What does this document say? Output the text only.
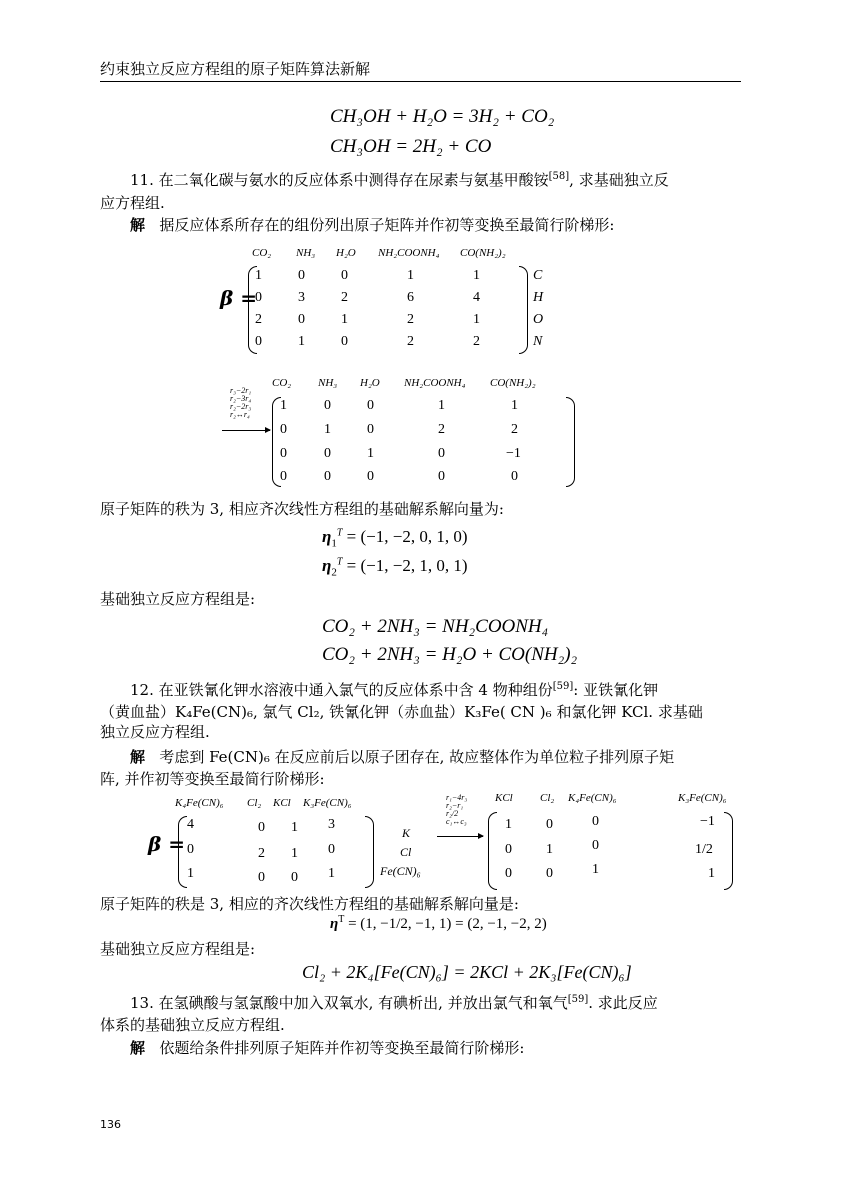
约束独立反应方程组的原子矩阵算法新解
CH₃OH + H₂O = 3H₂ + CO₂
CH₃OH = 2H₂ + CO
11. 在二氧化碳与氨水的反应体系中测得存在尿素与氨基甲酸铵[58], 求基础独立反
应方程组.
解 据反应体系所存在的组份列出原子矩阵并作初等变换至最简行阶梯形:
β =
CO₂ NH₃ H₂O NH₂COONH₄ CO(NH₂)₂
1	0	0	1	1
0	3	2	6	4
2	0	1	2	1
0	1	0	2	2
C
H
O
N
r₃−2r₁
r₂−3r₄
r₂−2r₃
r₂↔r₄
CO₂ NH₃ H₂O NH₂COONH₄ CO(NH₂)₂
1	0	0	1	1
0	1	0	2	2
0	0	1	0	−1
0	0	0	0	0
原子矩阵的秩为 3, 相应齐次线性方程组的基础解系解向量为:
$\eta_1^T = (-1$, −2, 0, 1, 0)
$\eta_2^T = (-1$, −2, 1, 0, 1)
基础独立反应方程组是:
CO₂ + 2NH₃ = NH₂COONH₄
CO₂ + 2NH₃ = H₂O + CO(NH₂)₂
12. 在亚铁氰化钾水溶液中通入氯气的反应体系中含 4 物种组份[59]: 亚铁氰化钾
（黄血盐）K₄Fe(CN)₆, 氯气 Cl₂, 铁氰化钾（赤血盐）K₃Fe( CN )₆ 和氯化钾 KCl. 求基础
独立反应方程组.
解 考虑到 Fe(CN)₆ 在反应前后以原子团存在, 故应整体作为单位粒子排列原子矩
阵, 并作初等变换至最简行阶梯形:
β =
K₄Fe(CN)₆ Cl₂ KCl K₃Fe(CN)₆
4	0 1 3
0	2 1 0
1	0 0 1
K
Cl
Fe(CN)₆
r₁−4r₃
r₂−r₁
r₂/2
c₁↔c₃
KCl Cl₂ K₄Fe(CN)₆	K₃Fe(CN)₆
1 0	0	−1
0 1	0	1/2
0 0	1	1
原子矩阵的秩是 3, 相应的齐次线性方程组的基础解系解向量是:
$\eta^T = (1$, −1/2, −1, 1) = (2, −1, −2, 2)
基础独立反应方程组是:
Cl₂ + 2K₄[Fe(CN)₆] = 2KCl + 2K₃[Fe(CN)₆]
13. 在氢碘酸与氢氯酸中加入双氧水, 有碘析出, 并放出氯气和氧气[59]. 求此反应
体系的基础独立反应方程组.
解 依题给条件排列原子矩阵并作初等变换至最简行阶梯形:
136
